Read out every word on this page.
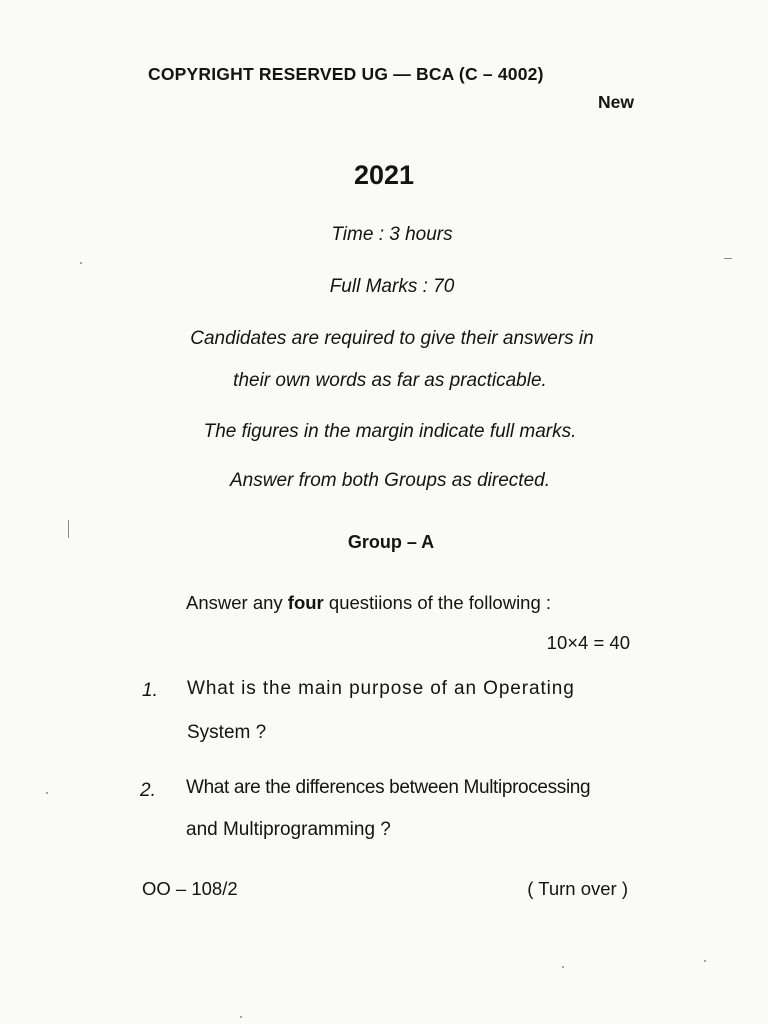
COPYRIGHT RESERVED UG — BCA (C – 4002)
New
2021
Time : 3 hours
Full Marks : 70
Candidates are required to give their answers in
their own words as far as practicable.
The figures in the margin indicate full marks.
Answer from both Groups as directed.
Group – A
Answer any four questiions of the following :
10×4 = 40
1. What is the main purpose of an Operating
System ?
2. What are the differences between Multiprocessing
and Multiprogramming ?
OO – 108/2	( Turn over )
